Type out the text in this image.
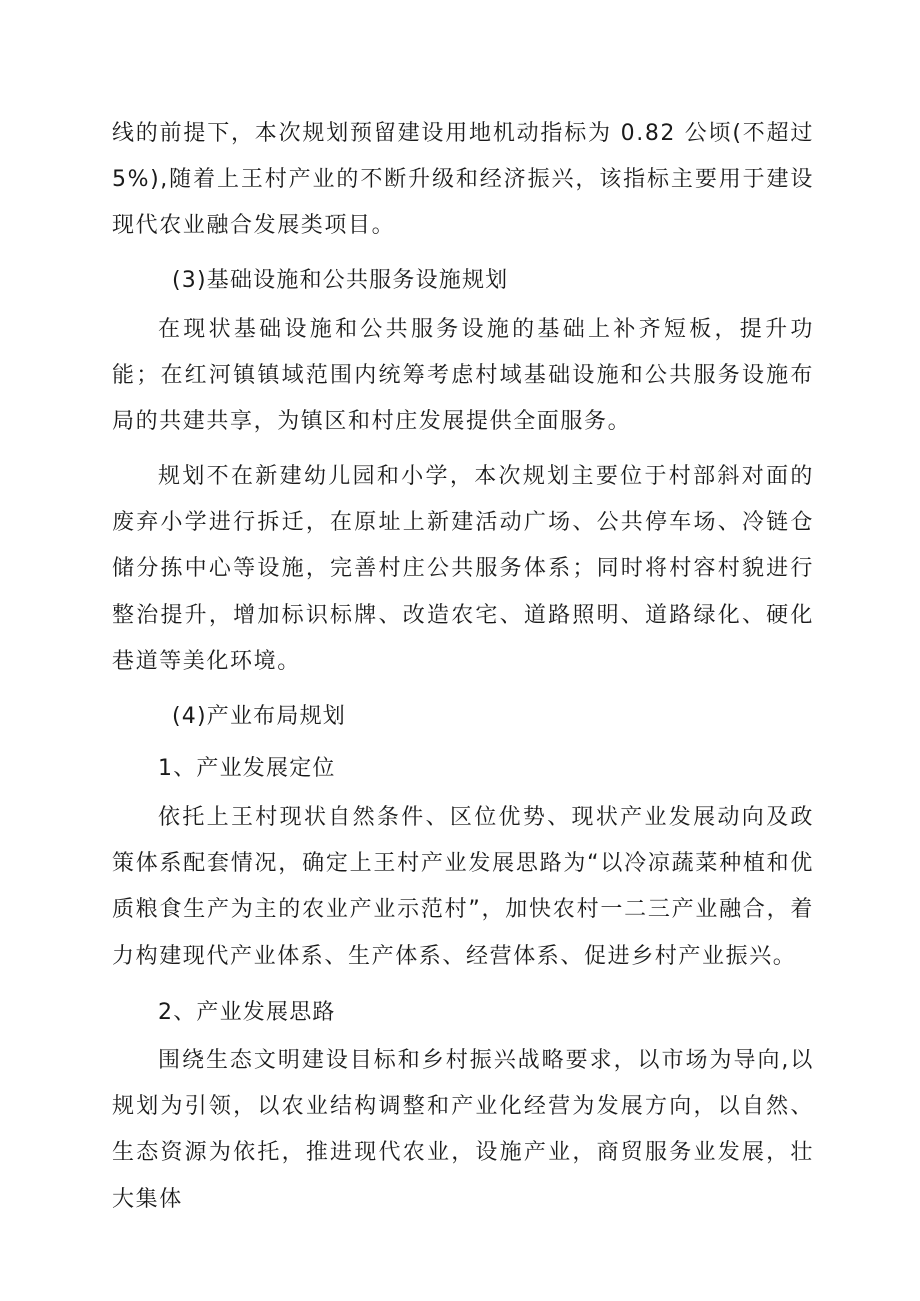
线的前提下，本次规划预留建设用地机动指标为 0.82 公顷(不超过5%),随着上王村产业的不断升级和经济振兴，该指标主要用于建设现代农业融合发展类项目。

(3)基础设施和公共服务设施规划

在现状基础设施和公共服务设施的基础上补齐短板，提升功能；在红河镇镇域范围内统筹考虑村域基础设施和公共服务设施布局的共建共享，为镇区和村庄发展提供全面服务。

规划不在新建幼儿园和小学，本次规划主要位于村部斜对面的废弃小学进行拆迁，在原址上新建活动广场、公共停车场、冷链仓储分拣中心等设施，完善村庄公共服务体系；同时将村容村貌进行整治提升，增加标识标牌、改造农宅、道路照明、道路绿化、硬化巷道等美化环境。

(4)产业布局规划

1、产业发展定位

依托上王村现状自然条件、区位优势、现状产业发展动向及政策体系配套情况，确定上王村产业发展思路为“以冷凉蔬菜种植和优质粮食生产为主的农业产业示范村”，加快农村一二三产业融合，着力构建现代产业体系、生产体系、经营体系、促进乡村产业振兴。

2、产业发展思路

围绕生态文明建设目标和乡村振兴战略要求，以市场为导向,以规划为引领，以农业结构调整和产业化经营为发展方向，以自然、生态资源为依托，推进现代农业，设施产业，商贸服务业发展，壮大集体
